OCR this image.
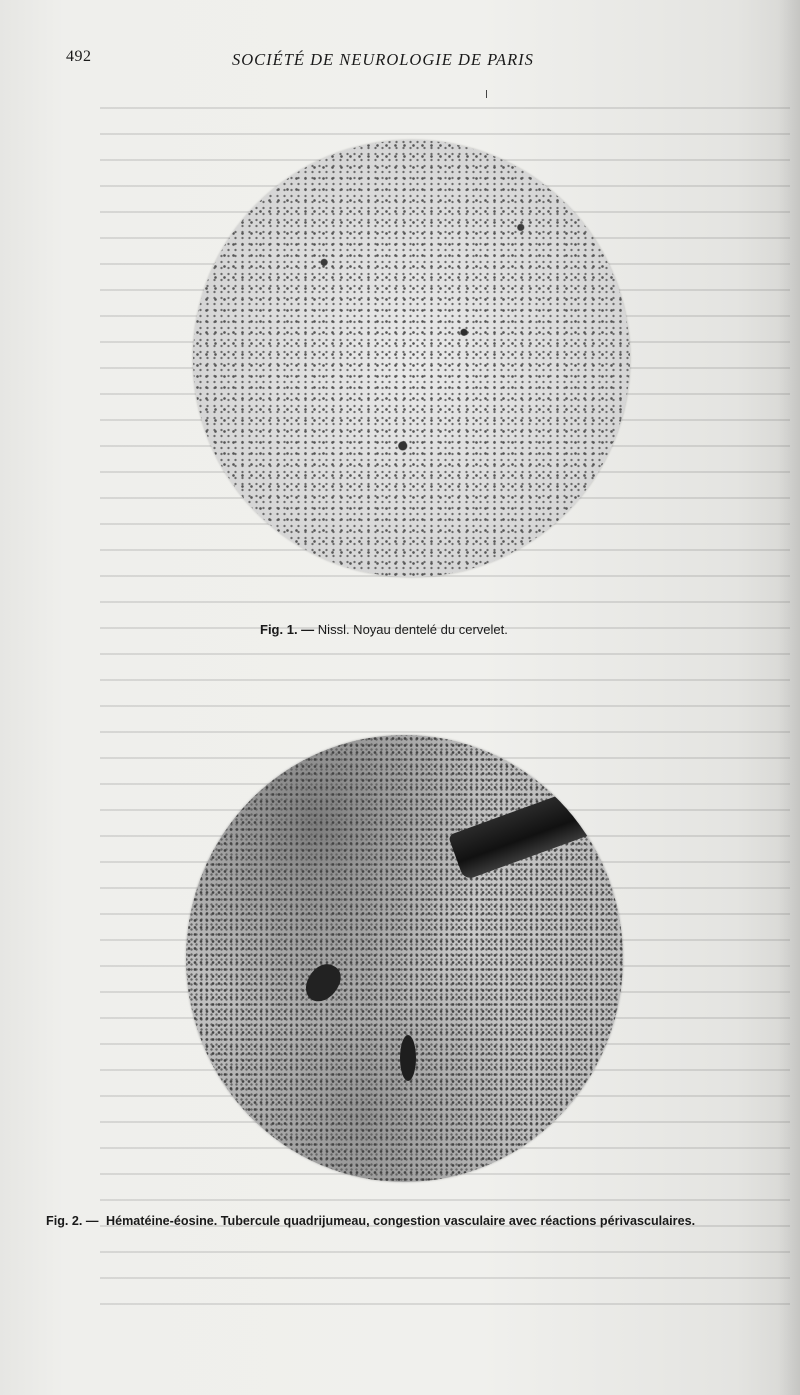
492	SOCIÉTÉ DE NEUROLOGIE DE PARIS
Fig. 1. — Nissl. Noyau dentelé du cervelet.
Fig. 2. — Hématéinе-éosine. Tubercule quadrijumeau, congestion vasculaire avec réactions périvasculaires.
